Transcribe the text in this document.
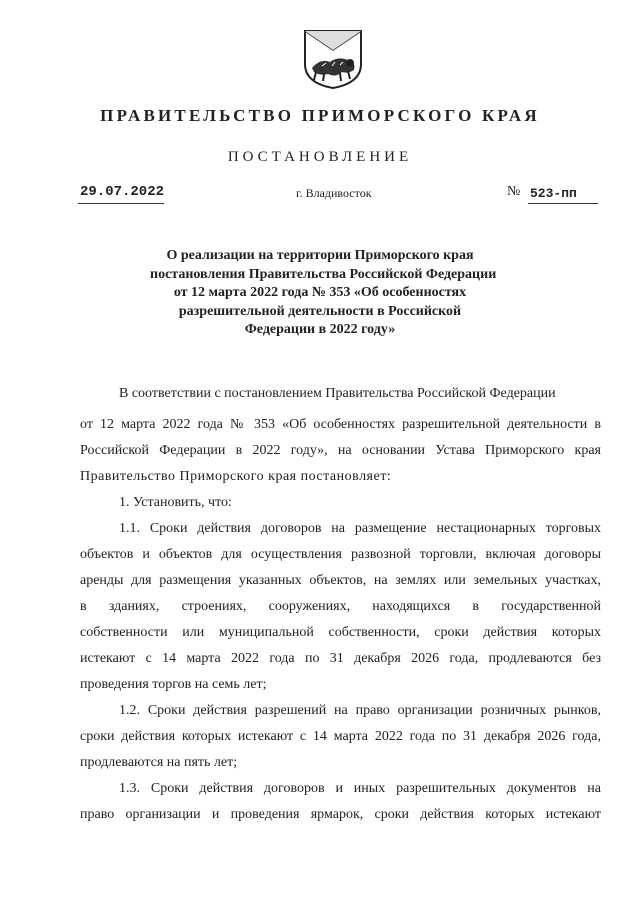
ПРАВИТЕЛЬСТВО ПРИМОРСКОГО КРАЯ
ПОСТАНОВЛЕНИЕ
29.07.2022	г. Владивосток	№ 523-пп
О реализации на территории Приморского края
постановления Правительства Российской Федерации
от 12 марта 2022 года № 353 «Об особенностях
разрешительной деятельности в Российской
Федерации в 2022 году»
В соответствии с постановлением Правительства Российской Федерации
от 12 марта 2022 года № 353 «Об особенностях разрешительной деятельности в
Российской Федерации в 2022 году», на основании Устава Приморского края
Правительство Приморского края постановляет:
1. Установить, что:
1.1. Сроки действия договоров на размещение нестационарных торговых
объектов и объектов для осуществления развозной торговли, включая договоры
аренды для размещения указанных объектов, на землях или земельных участках,
в зданиях, строениях, сооружениях, находящихся в государственной
собственности или муниципальной собственности, сроки действия которых
истекают с 14 марта 2022 года по 31 декабря 2026 года, продлеваются без
проведения торгов на семь лет;
1.2. Сроки действия разрешений на право организации розничных рынков,
сроки действия которых истекают с 14 марта 2022 года по 31 декабря 2026 года,
продлеваются на пять лет;
1.3. Сроки действия договоров и иных разрешительных документов на
право организации и проведения ярмарок, сроки действия которых истекают
